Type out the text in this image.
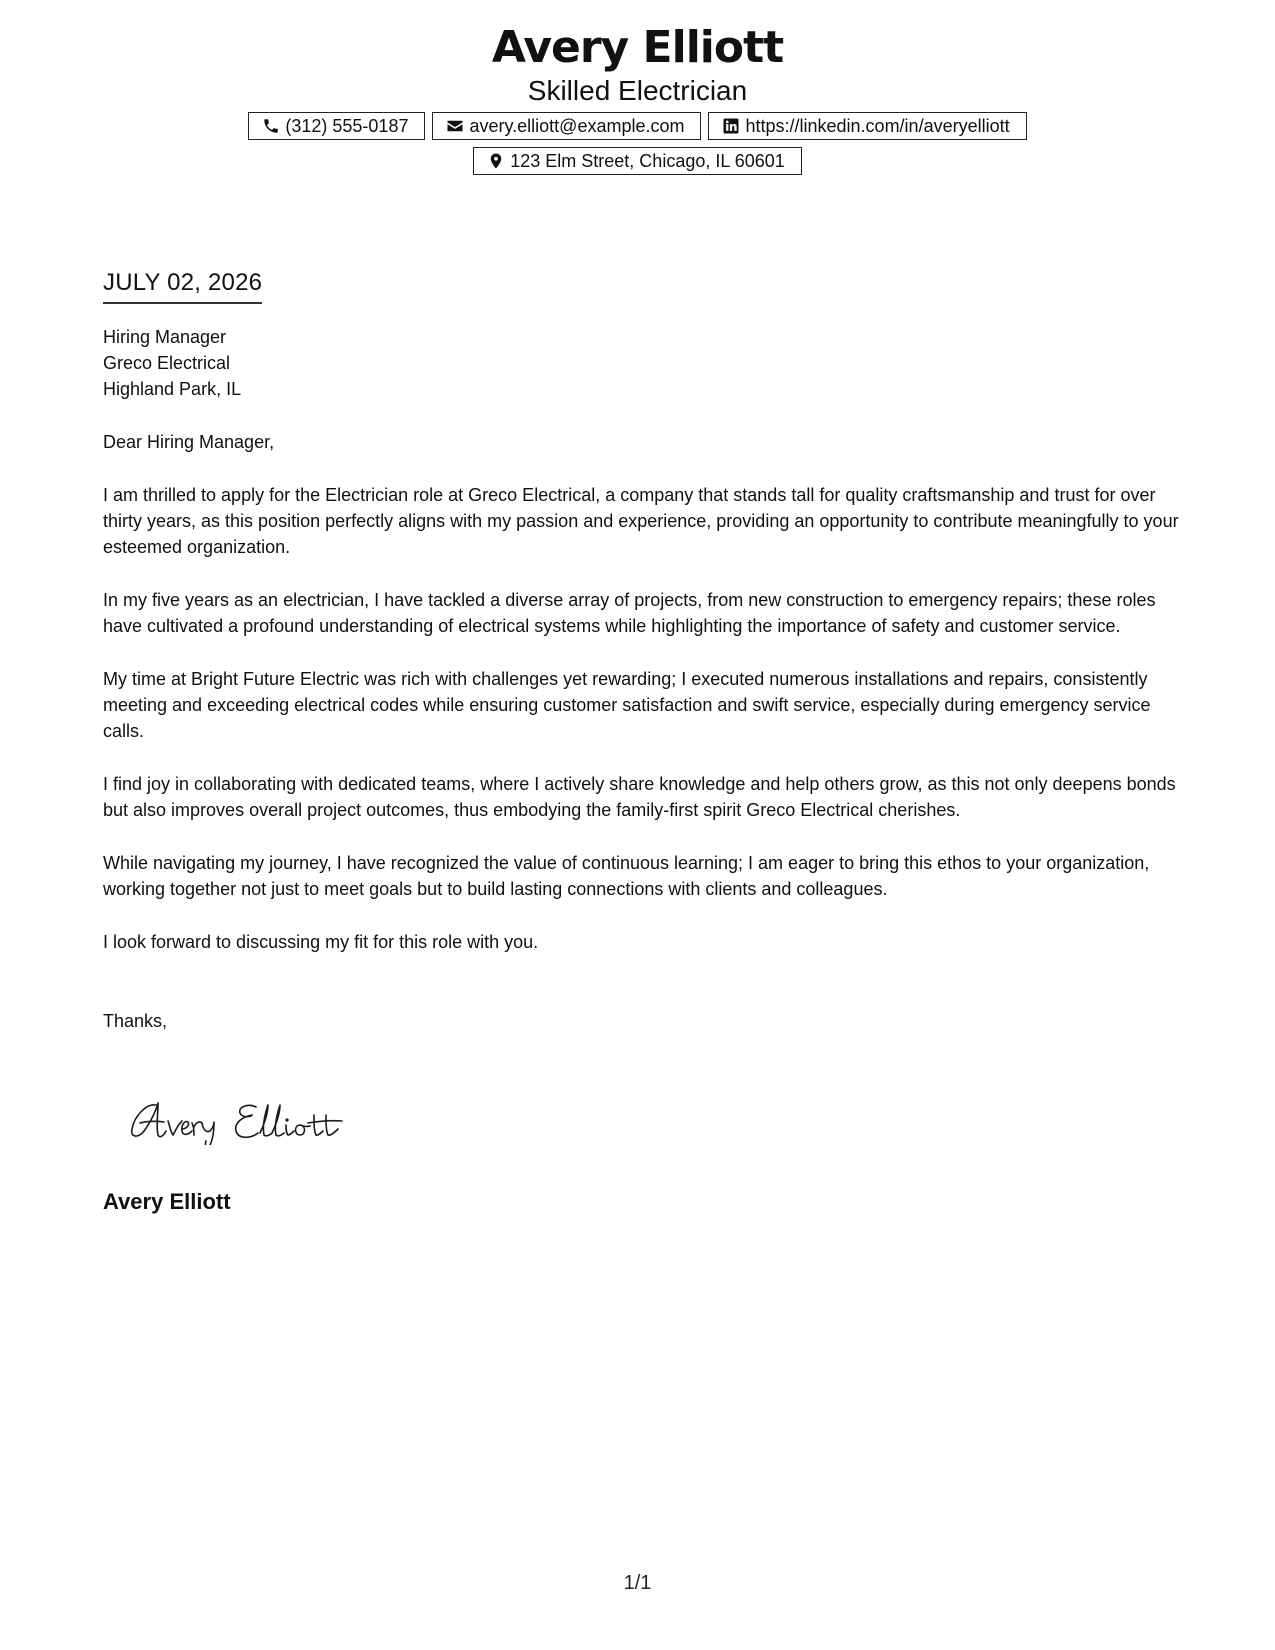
Avery Elliott
Skilled Electrician
(312) 555-0187	avery.elliott@example.com	https://linkedin.com/in/averyelliott
123 Elm Street, Chicago, IL 60601
JULY 02, 2026
Hiring Manager
Greco Electrical
Highland Park, IL
Dear Hiring Manager,
I am thrilled to apply for the Electrician role at Greco Electrical, a company that stands tall for quality craftsmanship and trust for over thirty years, as this position perfectly aligns with my passion and experience, providing an opportunity to contribute meaningfully to your esteemed organization.
In my five years as an electrician, I have tackled a diverse array of projects, from new construction to emergency repairs; these roles have cultivated a profound understanding of electrical systems while highlighting the importance of safety and customer service.
My time at Bright Future Electric was rich with challenges yet rewarding; I executed numerous installations and repairs, consistently meeting and exceeding electrical codes while ensuring customer satisfaction and swift service, especially during emergency service calls.
I find joy in collaborating with dedicated teams, where I actively share knowledge and help others grow, as this not only deepens bonds but also improves overall project outcomes, thus embodying the family-first spirit Greco Electrical cherishes.
While navigating my journey, I have recognized the value of continuous learning; I am eager to bring this ethos to your organization, working together not just to meet goals but to build lasting connections with clients and colleagues.
I look forward to discussing my fit for this role with you.
Thanks,
Avery Elliott
1/1
